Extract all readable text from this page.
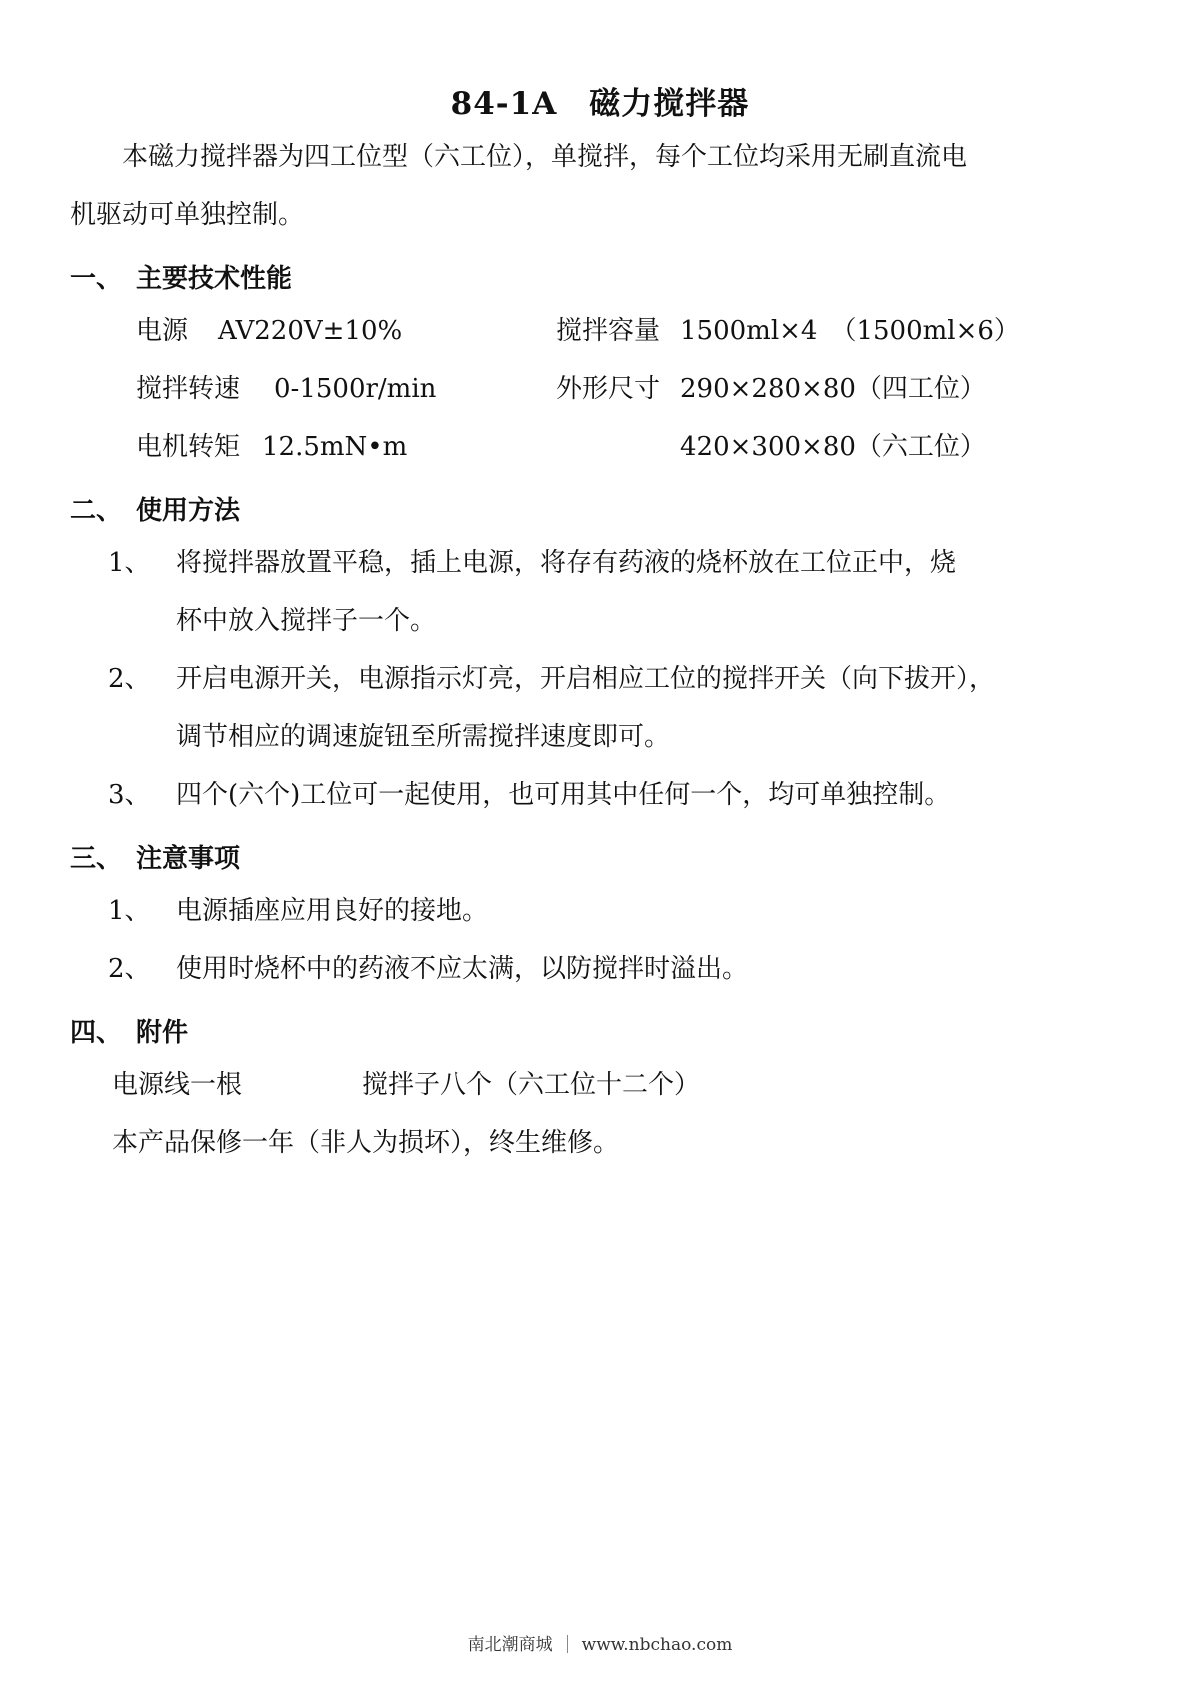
84-1A　磁力搅拌器
本磁力搅拌器为四工位型（六工位），单搅拌，每个工位均采用无刷直流电
机驱动可单独控制。
一、 主要技术性能
电源 AV220V±10%	搅拌容量 1500ml×4　（1500ml×6）
搅拌转速 0-1500r/min	外形尺寸 290×280×80（四工位）
电机转矩 12.5mN•m	420×300×80（六工位）
二、 使用方法
1、 将搅拌器放置平稳，插上电源，将存有药液的烧杯放在工位正中，烧
杯中放入搅拌子一个。
2、 开启电源开关，电源指示灯亮，开启相应工位的搅拌开关（向下拔开），
调节相应的调速旋钮至所需搅拌速度即可。
3、 四个(六个)工位可一起使用，也可用其中任何一个，均可单独控制。
三、 注意事项
1、 电源插座应用良好的接地。
2、 使用时烧杯中的药液不应太满，以防搅拌时溢出。
四、 附件
电源线一根	搅拌子八个（六工位十二个）
本产品保修一年（非人为损坏），终生维修。
南北潮商城 www.nbchao.com
